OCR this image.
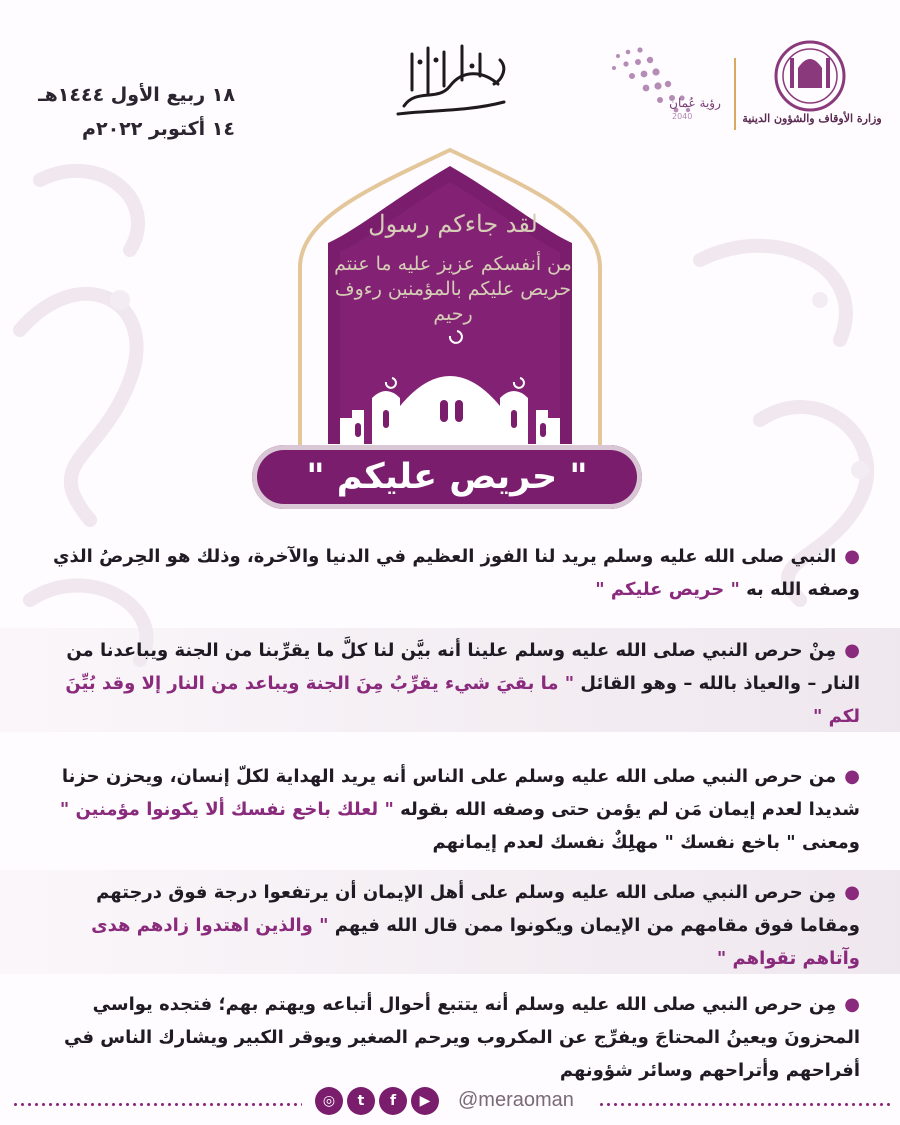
١٨ ربيع الأول ١٤٤٤هـ
١٤ أكتوبر ٢٠٢٢م	وزارة الأوقاف والشؤون الدينية
رؤية عُمان
2040
لقد جاءكم رسول
من أنفسكم عزيز عليه ما عنتم حريص عليكم بالمؤمنين رءوف رحيم
" حريص عليكم "
●النبي صلى الله عليه وسلم يريد لنا الفوز العظيم في الدنيا والآخرة، وذلك هو الحِرصُ الذي وصفه الله به " حريص عليكم "
●مِنْ حرص النبي صلى الله عليه وسلم علينا أنه بيَّن لنا كلَّ ما يقرِّبنا من الجنة ويباعدنا من النار – والعياذ بالله – وهو القائل " ما بقيَ شيء يقرِّبُ مِنَ الجنة ويباعد من النار إلا وقد بُيِّنَ لكم "
●من حرص النبي صلى الله عليه وسلم على الناس أنه يريد الهداية لكلّ إنسان، ويحزن حزنا شديدا لعدم إيمان مَن لم يؤمن حتى وصفه الله بقوله " لعلك باخع نفسك ألا يكونوا مؤمنين " ومعنى " باخع نفسك " مهلِكٌ نفسك لعدم إيمانهم
●مِن حرص النبي صلى الله عليه وسلم على أهل الإيمان أن يرتفعوا درجة فوق درجتهم ومقاما فوق مقامهم من الإيمان ويكونوا ممن قال الله فيهم " والذين اهتدوا زادهم هدى وآتاهم تقواهم "
●مِن حرص النبي صلى الله عليه وسلم أنه يتتبع أحوال أتباعه ويهتم بهم؛ فتجده يواسي المحزونَ ويعينُ المحتاجَ ويفرِّج عن المكروب ويرحم الصغير ويوقر الكبير ويشارك الناس في أفراحهم وأتراحهم وسائر شؤونهم
◎	t	f	▶	@meraoman
